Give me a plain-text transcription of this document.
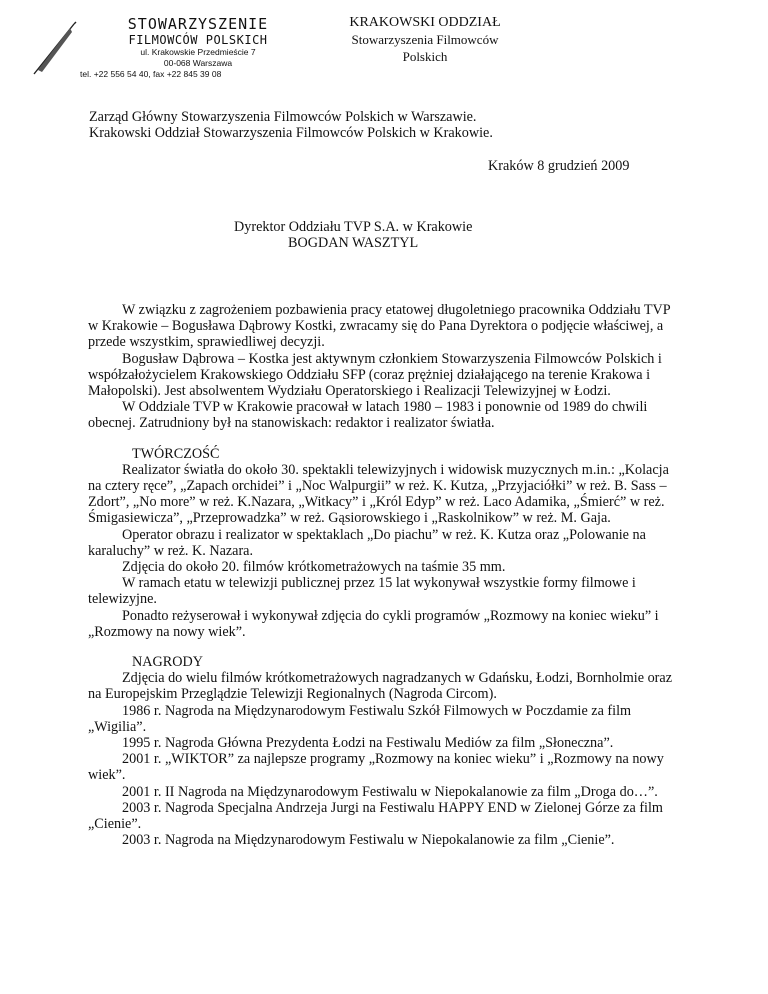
STOWARZYSZENIE
FILMOWCÓW POLSKICH
ul. Krakowskie Przedmieście 7
00-068 Warszawa
tel. +22 556 54 40, fax +22 845 39 08
KRAKOWSKI ODDZIAŁ
Stowarzyszenia Filmowców
Polskich

Zarząd Główny Stowarzyszenia Filmowców Polskich w Warszawie.

Krakowski Oddział Stowarzyszenia Filmowców Polskich w Krakowie.

Kraków 8 grudzień 2009

Dyrektor Oddziału TVP S.A. w Krakowie

BOGDAN WASZTYL

W związku z zagrożeniem pozbawienia pracy etatowej długoletniego pracownika Oddziału TVP w Krakowie – Bogusława Dąbrowy Kostki, zwracamy się do Pana Dyrektora o podjęcie właściwej, a przede wszystkim, sprawiedliwej decyzji.

Bogusław Dąbrowa – Kostka jest aktywnym członkiem Stowarzyszenia Filmowców Polskich i współzałożycielem Krakowskiego Oddziału SFP (coraz prężniej działającego na terenie Krakowa i Małopolski). Jest absolwentem Wydziału Operatorskiego i Realizacji Telewizyjnej w Łodzi.

W Oddziale TVP w Krakowie pracował w latach 1980 – 1983 i ponownie od 1989 do chwili obecnej. Zatrudniony był na stanowiskach: redaktor i realizator światła.

TWÓRCZOŚĆ

Realizator światła do około 30. spektakli telewizyjnych i widowisk muzycznych m.in.: „Kolacja na cztery ręce”, „Zapach orchidei” i „Noc Walpurgii” w reż. K. Kutza, „Przyjaciółki” w reż. B. Sass – Zdort”, „No more” w reż. K.Nazara, „Witkacy” i „Król Edyp” w reż. Laco Adamika, „Śmierć” w reż. Śmigasiewicza”, „Przeprowadzka” w reż. Gąsiorowskiego i „Raskolnikow” w reż. M. Gaja.

Operator obrazu i realizator w spektaklach „Do piachu” w reż. K. Kutza oraz „Polowanie na karaluchy” w reż. K. Nazara.

Zdjęcia do około 20. filmów krótkometrażowych na taśmie 35 mm.

W ramach etatu w telewizji publicznej przez 15 lat wykonywał wszystkie formy filmowe i telewizyjne.

Ponadto reżyserował i wykonywał zdjęcia do cykli programów „Rozmowy na koniec wieku” i „Rozmowy na nowy wiek”.

NAGRODY

Zdjęcia do wielu filmów krótkometrażowych nagradzanych w Gdańsku, Łodzi, Bornholmie oraz na Europejskim Przeglądzie Telewizji Regionalnych (Nagroda Circom).

1986 r. Nagroda na Międzynarodowym Festiwalu Szkół Filmowych w Poczdamie za film „Wigilia”.

1995 r. Nagroda Główna Prezydenta Łodzi na Festiwalu Mediów za film „Słoneczna”.

2001 r. „WIKTOR” za najlepsze programy „Rozmowy na koniec wieku” i „Rozmowy na nowy wiek”.

2001 r. II Nagroda na Międzynarodowym Festiwalu w Niepokalanowie za film „Droga do…”.

2003 r. Nagroda Specjalna Andrzeja Jurgi na Festiwalu HAPPY END w Zielonej Górze za film „Cienie”.

2003 r. Nagroda na Międzynarodowym Festiwalu w Niepokalanowie za film „Cienie”.
